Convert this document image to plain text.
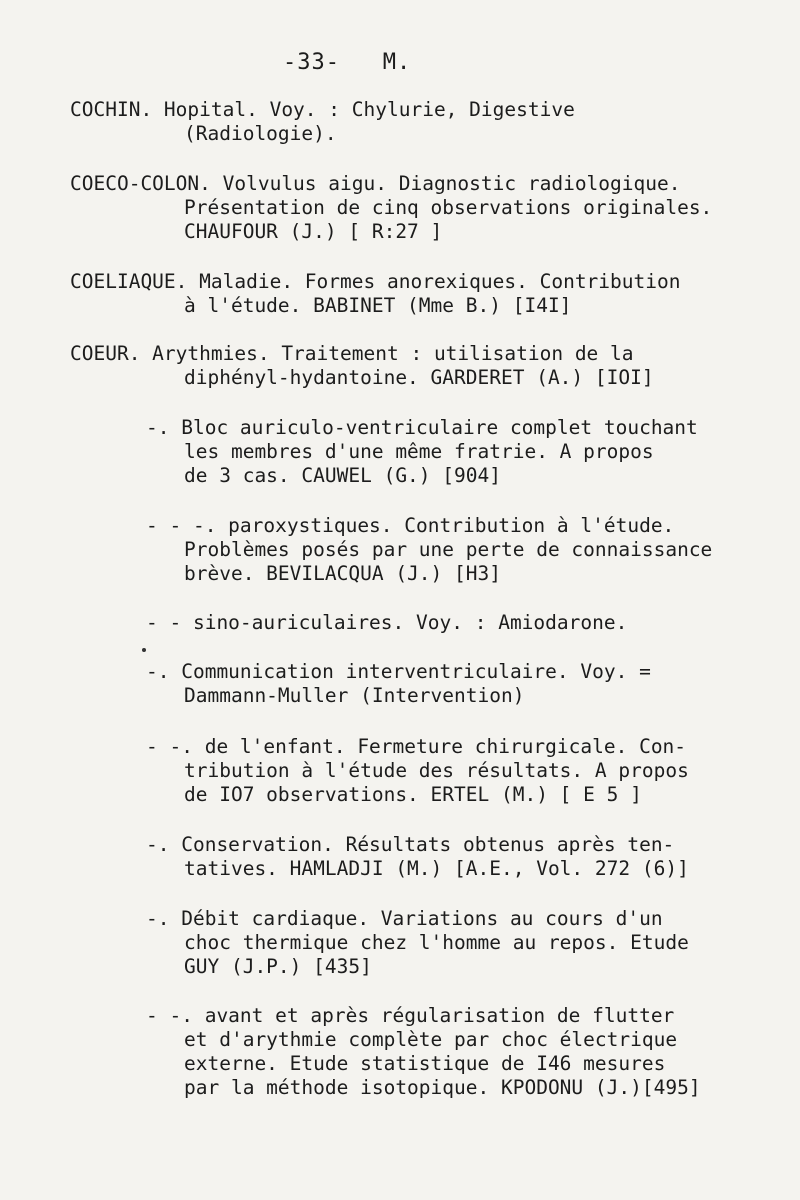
-33- M.
COCHIN. Hopital. Voy. : Chylurie, Digestive
(Radiologie).
COECO-COLON. Volvulus aigu. Diagnostic radiologique.
Présentation de cinq observations originales.
CHAUFOUR (J.) [ R:27 ]
COELIAQUE. Maladie. Formes anorexiques. Contribution
à l'étude. BABINET (Mme B.) [I4I]
COEUR. Arythmies. Traitement : utilisation de la
diphényl-hydantoine. GARDERET (A.) [IOI]
-. Bloc auriculo-ventriculaire complet touchant
les membres d'une même fratrie. A propos
de 3 cas. CAUWEL (G.) [904]
- - -. paroxystiques. Contribution à l'étude.
Problèmes posés par une perte de connaissance
brève. BEVILACQUA (J.) [H3]
- - sino-auriculaires. Voy. : Amiodarone.
-. Communication interventriculaire. Voy. =
Dammann-Muller (Intervention)
- -. de l'enfant. Fermeture chirurgicale. Con-
tribution à l'étude des résultats. A propos
de IO7 observations. ERTEL (M.) [ E 5 ]
-. Conservation. Résultats obtenus après ten-
tatives. HAMLADJI (M.) [A.E., Vol. 272 (6)]
-. Débit cardiaque. Variations au cours d'un
choc thermique chez l'homme au repos. Etude
GUY (J.P.) [435]
- -. avant et après régularisation de flutter
et d'arythmie complète par choc électrique
externe. Etude statistique de I46 mesures
par la méthode isotopique. KPODONU (J.)[495]
